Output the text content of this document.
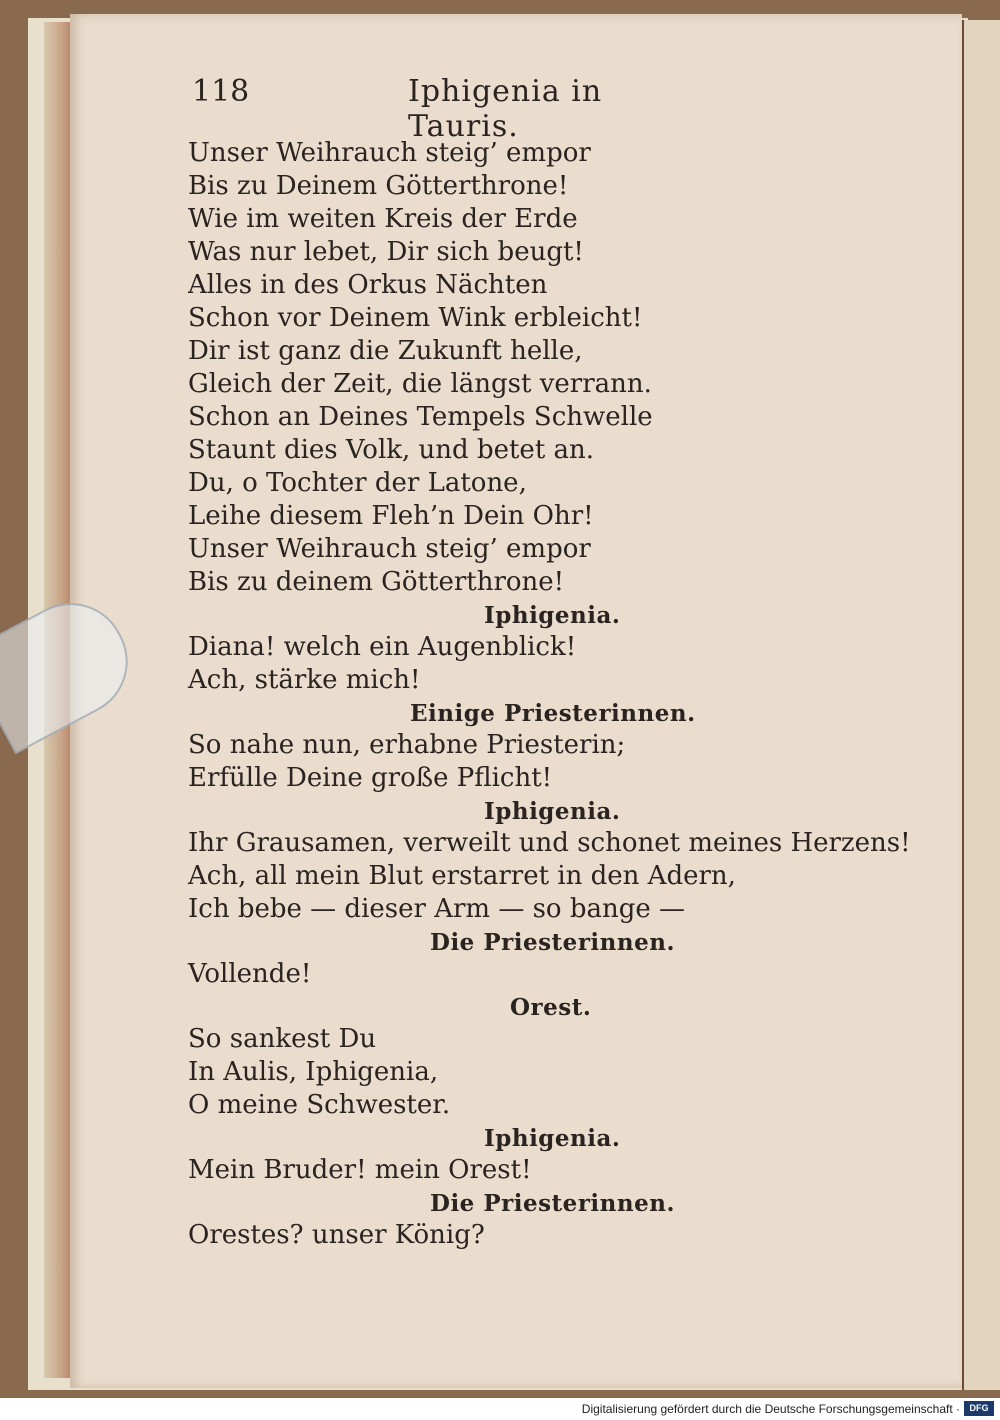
118	Iphigenia in Tauris.
Unser Weihrauch steig’ empor
Bis zu Deinem Götterthrone!
Wie im weiten Kreis der Erde
Was nur lebet, Dir sich beugt!
Alles in des Orkus Nächten
Schon vor Deinem Wink erbleicht!
Dir ist ganz die Zukunft helle,
Gleich der Zeit, die längst verrann.
Schon an Deines Tempels Schwelle
Staunt dies Volk, und betet an.
Du, o Tochter der Latone,
Leihe diesem Fleh’n Dein Ohr!
Unser Weihrauch steig’ empor
Bis zu deinem Götterthrone!
Iphigenia.
Diana! welch ein Augenblick!
Ach, stärke mich!
Einige Priesterinnen.
So nahe nun, erhabne Priesterin;
Erfülle Deine große Pflicht!
Iphigenia.
Ihr Grausamen, verweilt und schonet meines Herzens!
Ach, all mein Blut erstarret in den Adern,
Ich bebe — dieser Arm — so bange —
Die Priesterinnen.
Vollende!
Orest.
So sankest Du
In Aulis, Iphigenia,
O meine Schwester.
Iphigenia.
Mein Bruder! mein Orest!
Die Priesterinnen.
Orestes? unser König?
Digitalisierung gefördert durch die Deutsche Forschungsgemeinschaft ·	DFG
